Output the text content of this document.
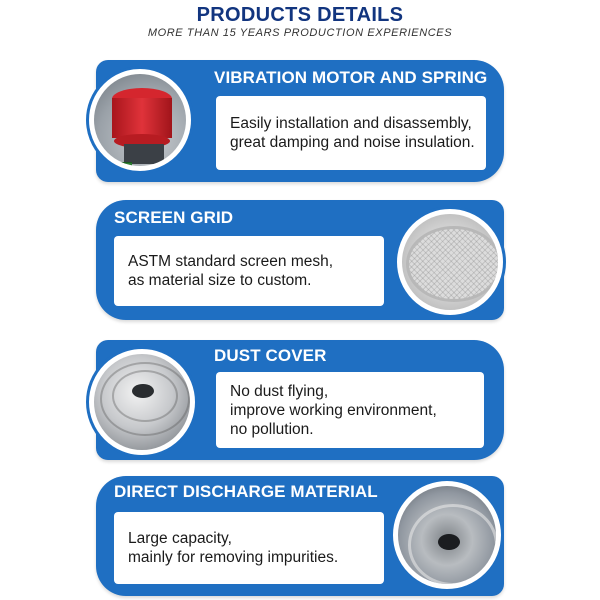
PRODUCTS DETAILS
MORE THAN 15 YEARS PRODUCTION EXPERIENCES
VIBRATION MOTOR AND SPRING
Easily installation and disassembly,
great damping and noise insulation.
SCREEN GRID
ASTM standard screen mesh,
as material size to custom.
DUST COVER
No dust flying,
improve working environment,
no pollution.
DIRECT DISCHARGE MATERIAL
Large capacity,
mainly for removing impurities.
